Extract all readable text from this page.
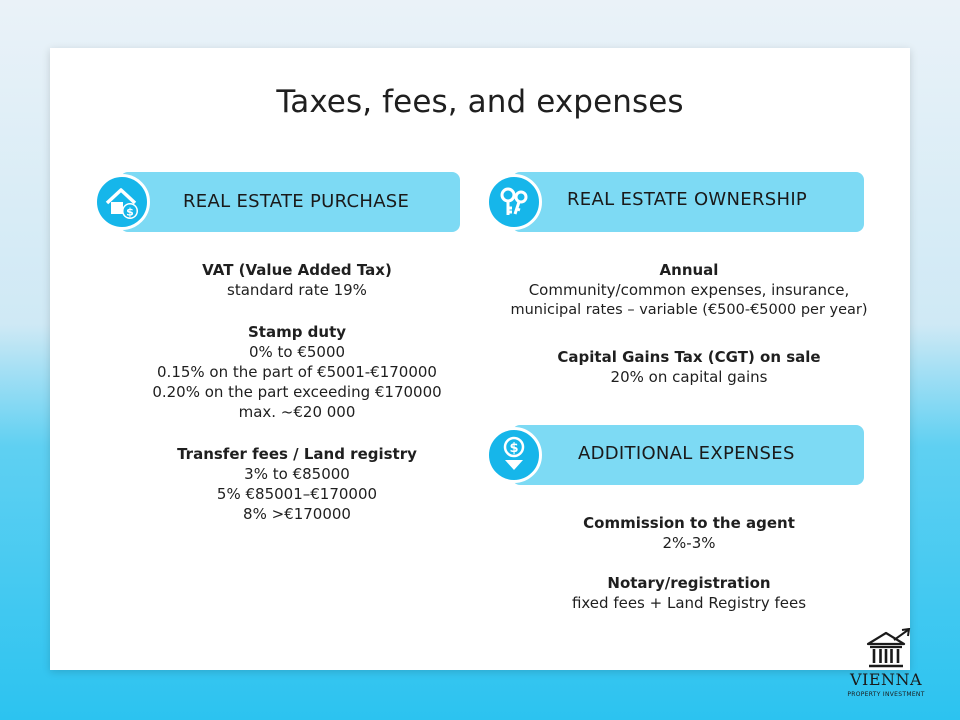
Taxes, fees, and expenses
REAL ESTATE PURCHASE
$
REAL ESTATE OWNERSHIP
ADDITIONAL EXPENSES
$
VAT (Value Added Tax)
standard rate 19%
Stamp duty
0% to €5000
0.15% on the part of €5001-€170000
0.20% on the part exceeding €170000
max. ~€20 000
Transfer fees / Land registry
3% to €85000
5% €85001–€170000
8% >€170000
Annual
Community/common expenses, insurance,
municipal rates – variable (€500-€5000 per year)
Capital Gains Tax (CGT) on sale
20% on capital gains
Commission to the agent
2%-3%
Notary/registration
fixed fees + Land Registry fees
VIENNA
PROPERTY INVESTMENT
